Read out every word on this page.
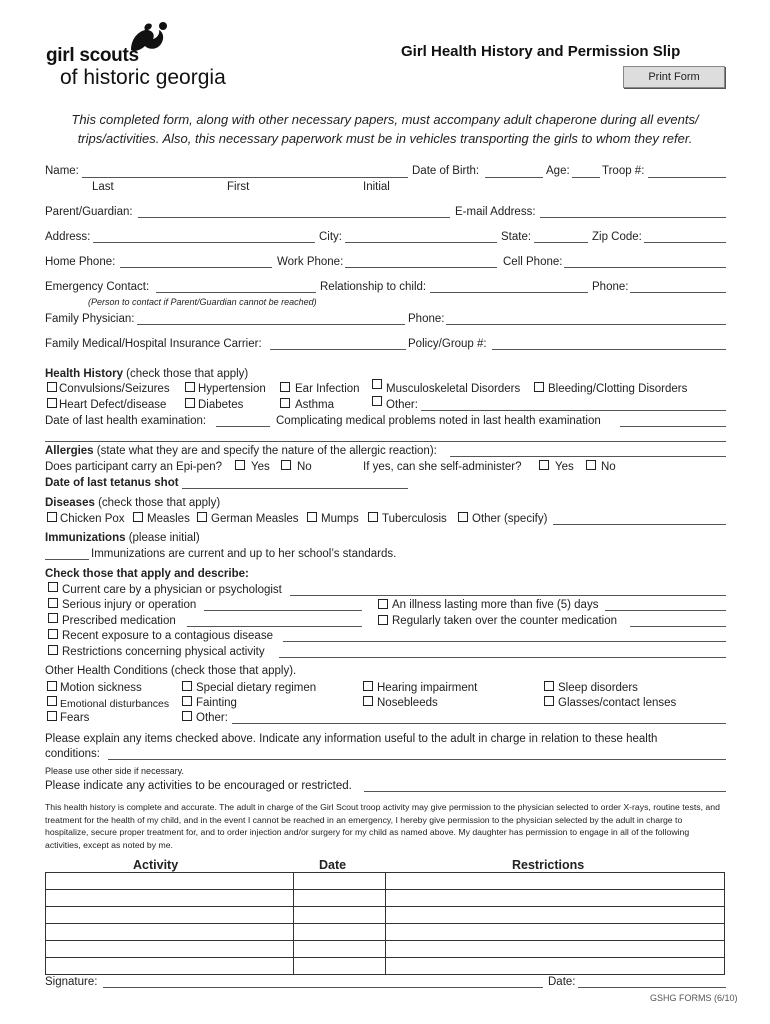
girl scouts
of historic georgia
Girl Health History and Permission Slip
Print Form
This completed form, along with other necessary papers, must accompany adult chaperone during all events/
trips/activities. Also, this necessary paperwork must be in vehicles transporting the girls to whom they refer.
Name:	Date of Birth:	Age:	Troop #:
Last	First	Initial
Parent/Guardian:	E-mail Address:
Address:	City:	State:	Zip Code:
Home Phone:	Work Phone:	Cell Phone:
Emergency Contact:	Relationship to child:	Phone:
(Person to contact if Parent/Guardian cannot be reached)
Family Physician:	Phone:
Family Medical/Hospital Insurance Carrier:	Policy/Group #:
Health History (check those that apply)
Convulsions/Seizures Hypertension	Ear Infection Musculoskeletal Disorders Bleeding/Clotting Disorders
Heart Defect/disease	Diabetes	Asthma	Other:
Date of last health examination:	Complicating medical problems noted in last health examination
Allergies (state what they are and specify the nature of the allergic reaction):
Does participant carry an Epi-pen?	Yes No	If yes, can she self-administer?	Yes No
Date of last tetanus shot
Diseases (check those that apply)
Chicken Pox Measles German Measles Mumps Tuberculosis Other (specify)
Immunizations (please initial)
Immunizations are current and up to her school’s standards.
Check those that apply and describe:
Current care by a physician or psychologist
Serious injury or operation	An illness lasting more than five (5) days
Prescribed medication	Regularly taken over the counter medication
Recent exposure to a contagious disease
Restrictions concerning physical activity
Other Health Conditions (check those that apply).
Motion sickness	Special dietary regimen	Hearing impairment	Sleep disorders
Emotional disturbances Fainting	Nosebleeds	Glasses/contact lenses
Fears	Other:
Please explain any items checked above. Indicate any information useful to the adult in charge in relation to these health
conditions:
Please use other side if necessary.
Please indicate any activities to be encouraged or restricted.
This health history is complete and accurate. The adult in charge of the Girl Scout troop activity may give permission to the physician selected to order X-rays, routine tests, and treatment for the health of my child, and in the event I cannot be reached in an emergency, I hereby give permission to the physician selected by the adult in charge to hospitalize, secure proper treatment for, and to order injection and/or surgery for my child as named above. My daughter has permission to engage in all of the following activities, except as noted by me.
Activity	Date	Restrictions

Signature:	Date:
GSHG FORMS (6/10)
